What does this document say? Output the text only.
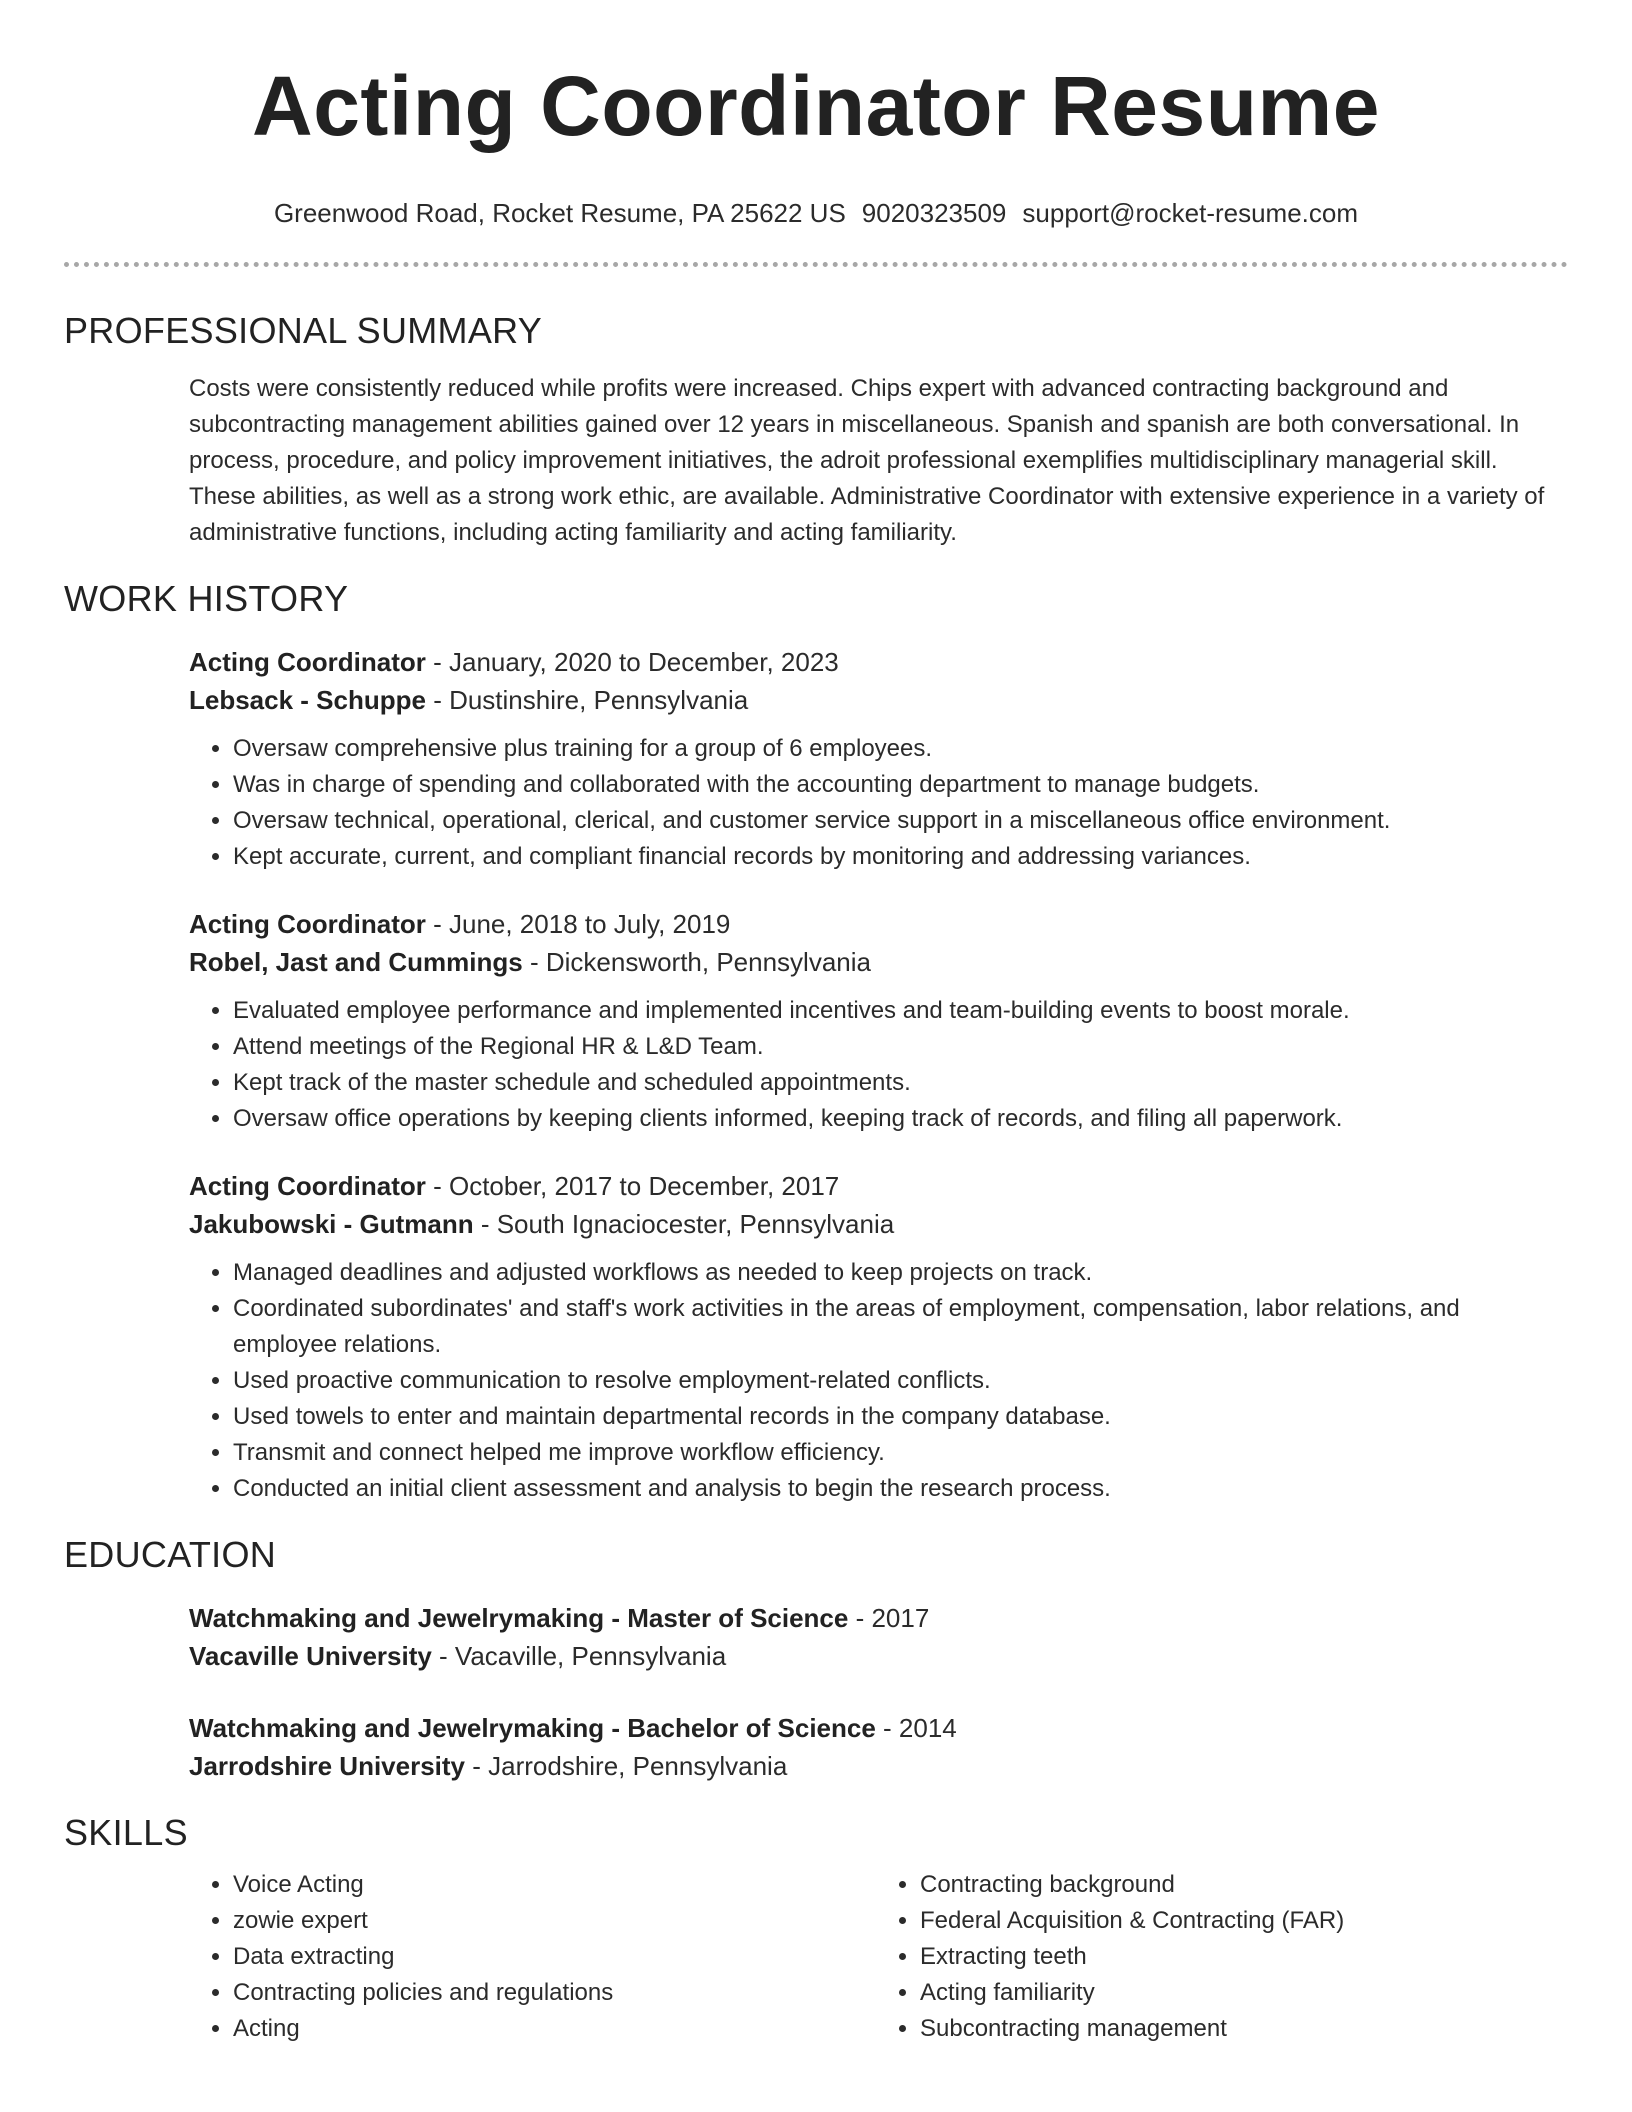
Acting Coordinator Resume
Greenwood Road, Rocket Resume, PA 25622 US 9020323509 support@rocket-resume.com
PROFESSIONAL SUMMARY
Costs were consistently reduced while profits were increased. Chips expert with advanced contracting background and subcontracting management abilities gained over 12 years in miscellaneous. Spanish and spanish are both conversational. In process, procedure, and policy improvement initiatives, the adroit professional exemplifies multidisciplinary managerial skill. These abilities, as well as a strong work ethic, are available. Administrative Coordinator with extensive experience in a variety of administrative functions, including acting familiarity and acting familiarity.
WORK HISTORY
Acting Coordinator - January, 2020 to December, 2023
Lebsack - Schuppe - Dustinshire, Pennsylvania
• Oversaw comprehensive plus training for a group of 6 employees.
• Was in charge of spending and collaborated with the accounting department to manage budgets.
• Oversaw technical, operational, clerical, and customer service support in a miscellaneous office environment.
• Kept accurate, current, and compliant financial records by monitoring and addressing variances.
Acting Coordinator - June, 2018 to July, 2019
Robel, Jast and Cummings - Dickensworth, Pennsylvania
• Evaluated employee performance and implemented incentives and team-building events to boost morale.
• Attend meetings of the Regional HR & L&D Team.
• Kept track of the master schedule and scheduled appointments.
• Oversaw office operations by keeping clients informed, keeping track of records, and filing all paperwork.
Acting Coordinator - October, 2017 to December, 2017
Jakubowski - Gutmann - South Ignaciocester, Pennsylvania
• Managed deadlines and adjusted workflows as needed to keep projects on track.
• Coordinated subordinates' and staff's work activities in the areas of employment, compensation, labor relations, and employee relations.
• Used proactive communication to resolve employment-related conflicts.
• Used towels to enter and maintain departmental records in the company database.
• Transmit and connect helped me improve workflow efficiency.
• Conducted an initial client assessment and analysis to begin the research process.
EDUCATION
Watchmaking and Jewelrymaking - Master of Science - 2017
Vacaville University - Vacaville, Pennsylvania
Watchmaking and Jewelrymaking - Bachelor of Science - 2014
Jarrodshire University - Jarrodshire, Pennsylvania
SKILLS
• Voice Acting
• zowie expert
• Data extracting
• Contracting policies and regulations
• Acting
• Contracting background
• Federal Acquisition & Contracting (FAR)
• Extracting teeth
• Acting familiarity
• Subcontracting management
